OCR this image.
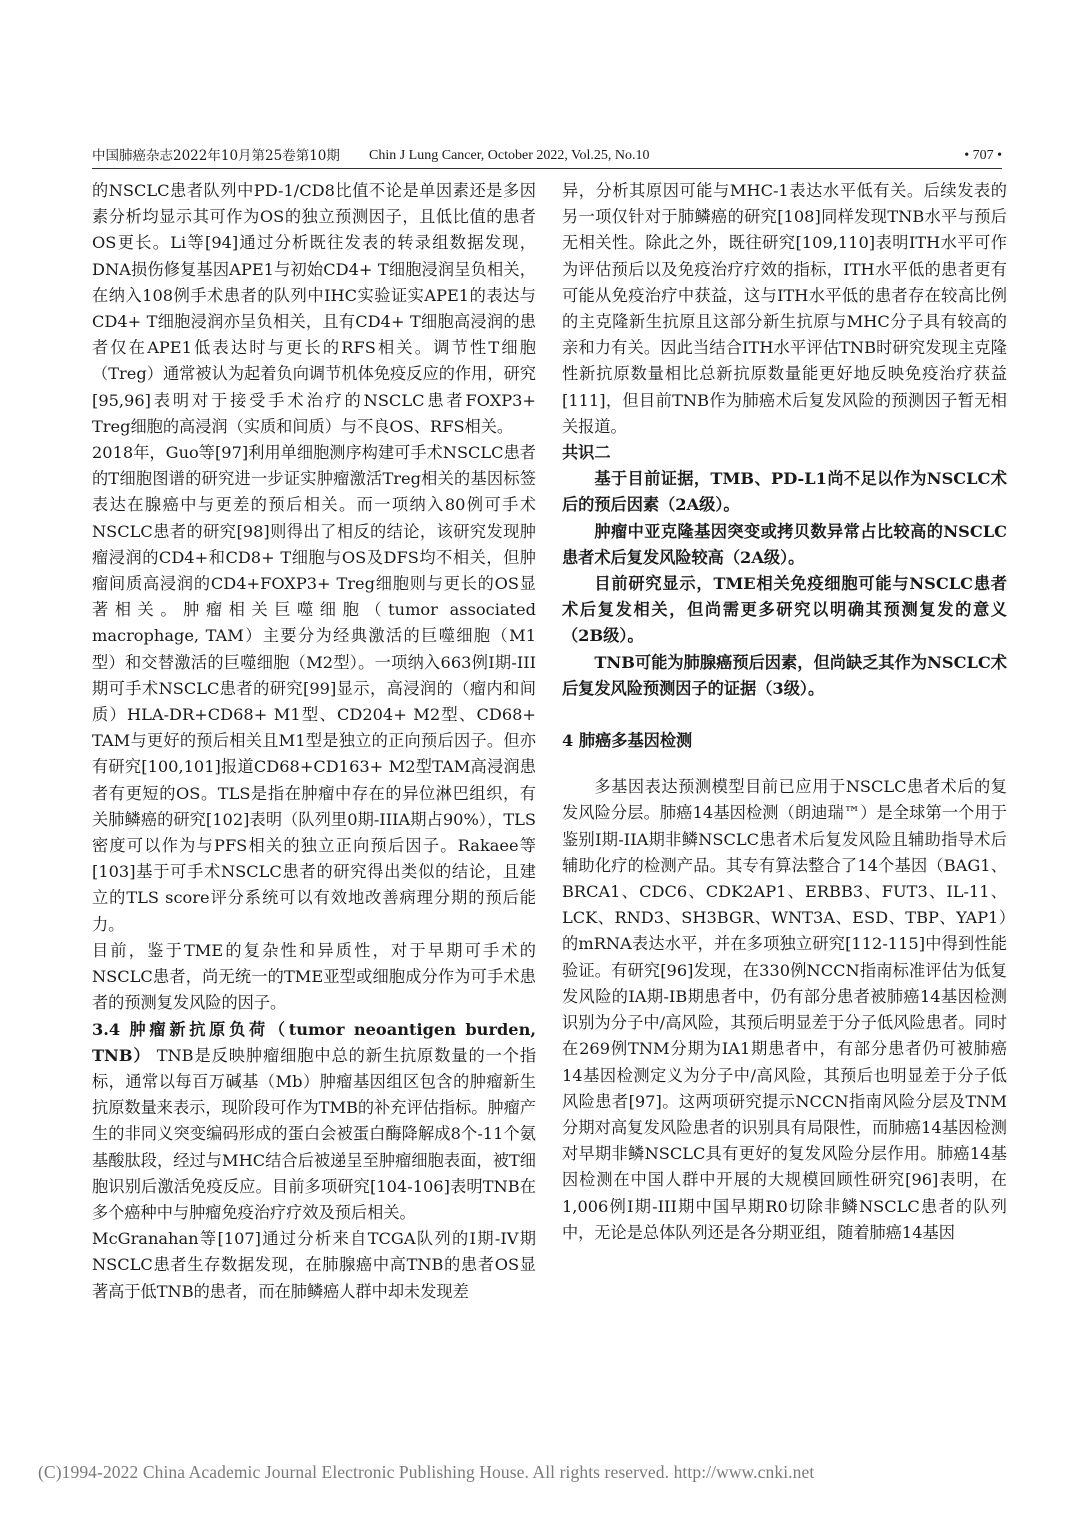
中国肺癌杂志2022年10月第25卷第10期 Chin J Lung Cancer, October 2022, Vol.25, No.10	• 707 •

的NSCLC患者队列中PD-1/CD8比值不论是单因素还是多因素分析均显示其可作为OS的独立预测因子，且低比值的患者OS更长。Li等[94]通过分析既往发表的转录组数据发现，DNA损伤修复基因APE1与初始CD4+ T细胞浸润呈负相关，在纳入108例手术患者的队列中IHC实验证实APE1的表达与CD4+ T细胞浸润亦呈负相关，且有CD4+ T细胞高浸润的患者仅在APE1低表达时与更长的RFS相关。调节性T细胞（Treg）通常被认为起着负向调节机体免疫反应的作用，研究[95,96]表明对于接受手术治疗的NSCLC患者FOXP3+ Treg细胞的高浸润（实质和间质）与不良OS、RFS相关。

2018年，Guo等[97]利用单细胞测序构建可手术NSCLC患者的T细胞图谱的研究进一步证实肿瘤激活Treg相关的基因标签表达在腺癌中与更差的预后相关。而一项纳入80例可手术NSCLC患者的研究[98]则得出了相反的结论，该研究发现肿瘤浸润的CD4+和CD8+ T细胞与OS及DFS均不相关，但肿瘤间质高浸润的CD4+FOXP3+ Treg细胞则与更长的OS显著相关。肿瘤相关巨噬细胞（tumor associated macrophage, TAM）主要分为经典激活的巨噬细胞（M1型）和交替激活的巨噬细胞（M2型）。一项纳入663例I期-III期可手术NSCLC患者的研究[99]显示，高浸润的（瘤内和间质）HLA-DR+CD68+ M1型、CD204+ M2型、CD68+ TAM与更好的预后相关且M1型是独立的正向预后因子。但亦有研究[100,101]报道CD68+CD163+ M2型TAM高浸润患者有更短的OS。TLS是指在肿瘤中存在的异位淋巴组织，有关肺鳞癌的研究[102]表明（队列里0期-IIIA期占90%），TLS密度可以作为与PFS相关的独立正向预后因子。Rakaee等[103]基于可手术NSCLC患者的研究得出类似的结论，且建立的TLS score评分系统可以有效地改善病理分期的预后能力。

目前，鉴于TME的复杂性和异质性，对于早期可手术的NSCLC患者，尚无统一的TME亚型或细胞成分作为可手术患者的预测复发风险的因子。

3.4 肿瘤新抗原负荷（tumor neoantigen burden, TNB） TNB是反映肿瘤细胞中总的新生抗原数量的一个指标，通常以每百万碱基（Mb）肿瘤基因组区包含的肿瘤新生抗原数量来表示，现阶段可作为TMB的补充评估指标。肿瘤产生的非同义突变编码形成的蛋白会被蛋白酶降解成8个-11个氨基酸肽段，经过与MHC结合后被递呈至肿瘤细胞表面，被T细胞识别后激活免疫反应。目前多项研究[104-106]表明TNB在多个癌种中与肿瘤免疫治疗疗效及预后相关。

McGranahan等[107]通过分析来自TCGA队列的I期-IV期NSCLC患者生存数据发现，在肺腺癌中高TNB的患者OS显著高于低TNB的患者，而在肺鳞癌人群中却未发现差

异，分析其原因可能与MHC-1表达水平低有关。后续发表的另一项仅针对于肺鳞癌的研究[108]同样发现TNB水平与预后无相关性。除此之外，既往研究[109,110]表明ITH水平可作为评估预后以及免疫治疗疗效的指标，ITH水平低的患者更有可能从免疫治疗中获益，这与ITH水平低的患者存在较高比例的主克隆新生抗原且这部分新生抗原与MHC分子具有较高的亲和力有关。因此当结合ITH水平评估TNB时研究发现主克隆性新抗原数量相比总新抗原数量能更好地反映免疫治疗获益[111]，但目前TNB作为肺癌术后复发风险的预测因子暂无相关报道。

共识二

基于目前证据，TMB、PD-L1尚不足以作为NSCLC术后的预后因素（2A级）。

肿瘤中亚克隆基因突变或拷贝数异常占比较高的NSCLC患者术后复发风险较高（2A级）。

目前研究显示，TME相关免疫细胞可能与NSCLC患者术后复发相关，但尚需更多研究以明确其预测复发的意义（2B级）。

TNB可能为肺腺癌预后因素，但尚缺乏其作为NSCLC术后复发风险预测因子的证据（3级）。

4 肺癌多基因检测

多基因表达预测模型目前已应用于NSCLC患者术后的复发风险分层。肺癌14基因检测（朗迪瑞™）是全球第一个用于鉴别I期-IIA期非鳞NSCLC患者术后复发风险且辅助指导术后辅助化疗的检测产品。其专有算法整合了14个基因（BAG1、BRCA1、CDC6、CDK2AP1、ERBB3、FUT3、IL-11、LCK、RND3、SH3BGR、WNT3A、ESD、TBP、YAP1）的mRNA表达水平，并在多项独立研究[112-115]中得到性能验证。有研究[96]发现，在330例NCCN指南标准评估为低复发风险的IA期-IB期患者中，仍有部分患者被肺癌14基因检测识别为分子中/高风险，其预后明显差于分子低风险患者。同时在269例TNM分期为IA1期患者中，有部分患者仍可被肺癌14基因检测定义为分子中/高风险，其预后也明显差于分子低风险患者[97]。这两项研究提示NCCN指南风险分层及TNM分期对高复发风险患者的识别具有局限性，而肺癌14基因检测对早期非鳞NSCLC具有更好的复发风险分层作用。肺癌14基因检测在中国人群中开展的大规模回顾性研究[96]表明，在1,006例I期-III期中国早期R0切除非鳞NSCLC患者的队列中，无论是总体队列还是各分期亚组，随着肺癌14基因

(C)1994-2022 China Academic Journal Electronic Publishing House. All rights reserved. http://www.cnki.net
